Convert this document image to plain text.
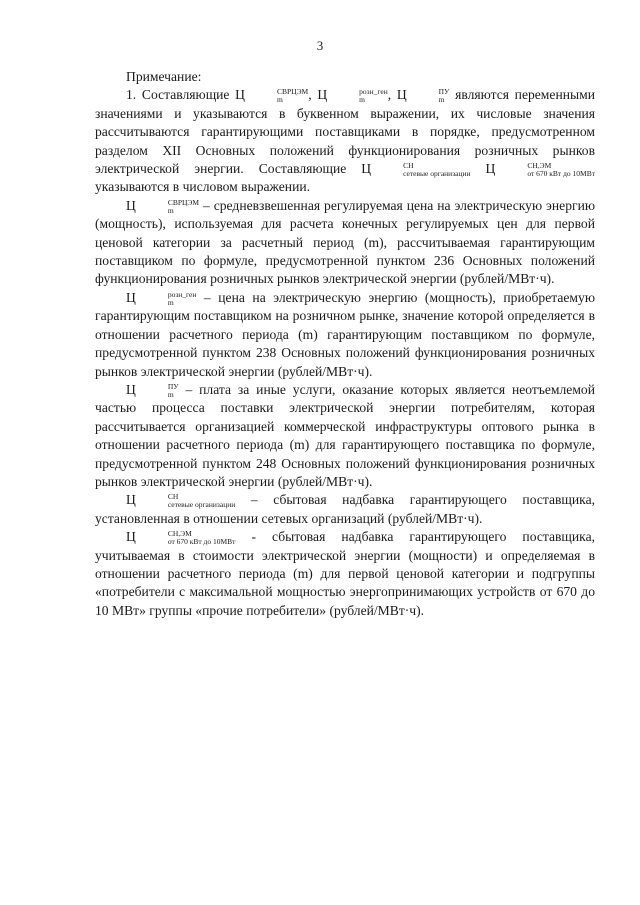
3

Примечание:

1. Составляющие Ц	СВРЦЭМ
m	, Ц	розн_ген
m	, Ц	ПУ
m являются переменными значениями и указываются в буквенном выражении, их числовые значения рассчитываются гарантирующими поставщиками в порядке, предусмотренном разделом XII Основных положений функционирования розничных рынков электрической энергии. Составляющие Ц	СН
сетевые организации Ц	СН,ЭМ
от 670 кВт до 10МВт
указываются в числовом выражении.

Ц	СВРЦЭМ
m	– средневзвешенная регулируемая цена на электрическую энергию (мощность), используемая для расчета конечных регулируемых цен для первой ценовой категории за расчетный период (m), рассчитываемая гарантирующим поставщиком по формуле, предусмотренной пунктом 236 Основных положений функционирования розничных рынков электрической энергии (рублей/МВт·ч).

Ц	розн_ген
m	– цена на электрическую энергию (мощность), приобретаемую гарантирующим поставщиком на розничном рынке, значение которой определяется в отношении расчетного периода (m) гарантирующим поставщиком по формуле, предусмотренной пунктом 238 Основных положений функционирования розничных рынков электрической энергии (рублей/МВт·ч).

Ц	ПУ
m – плата за иные услуги, оказание которых является неотъемлемой частью процесса поставки электрической энергии потребителям, которая рассчитывается организацией коммерческой инфраструктуры оптового рынка в отношении расчетного периода (m) для гарантирующего поставщика по формуле, предусмотренной пунктом 248 Основных положений функционирования розничных рынков электрической энергии (рублей/МВт·ч).

Ц	СН
сетевые организации – сбытовая надбавка гарантирующего поставщика, установленная в отношении сетевых организаций (рублей/МВт·ч).

Ц	СН,ЭМ
от 670 кВт до 10МВт - сбытовая надбавка гарантирующего поставщика, учитываемая в стоимости электрической энергии (мощности) и определяемая в отношении расчетного периода (m) для первой ценовой категории и подгруппы «потребители с максимальной мощностью энергопринимающих устройств от 670 до 10 МВт» группы «прочие потребители» (рублей/МВт·ч).
